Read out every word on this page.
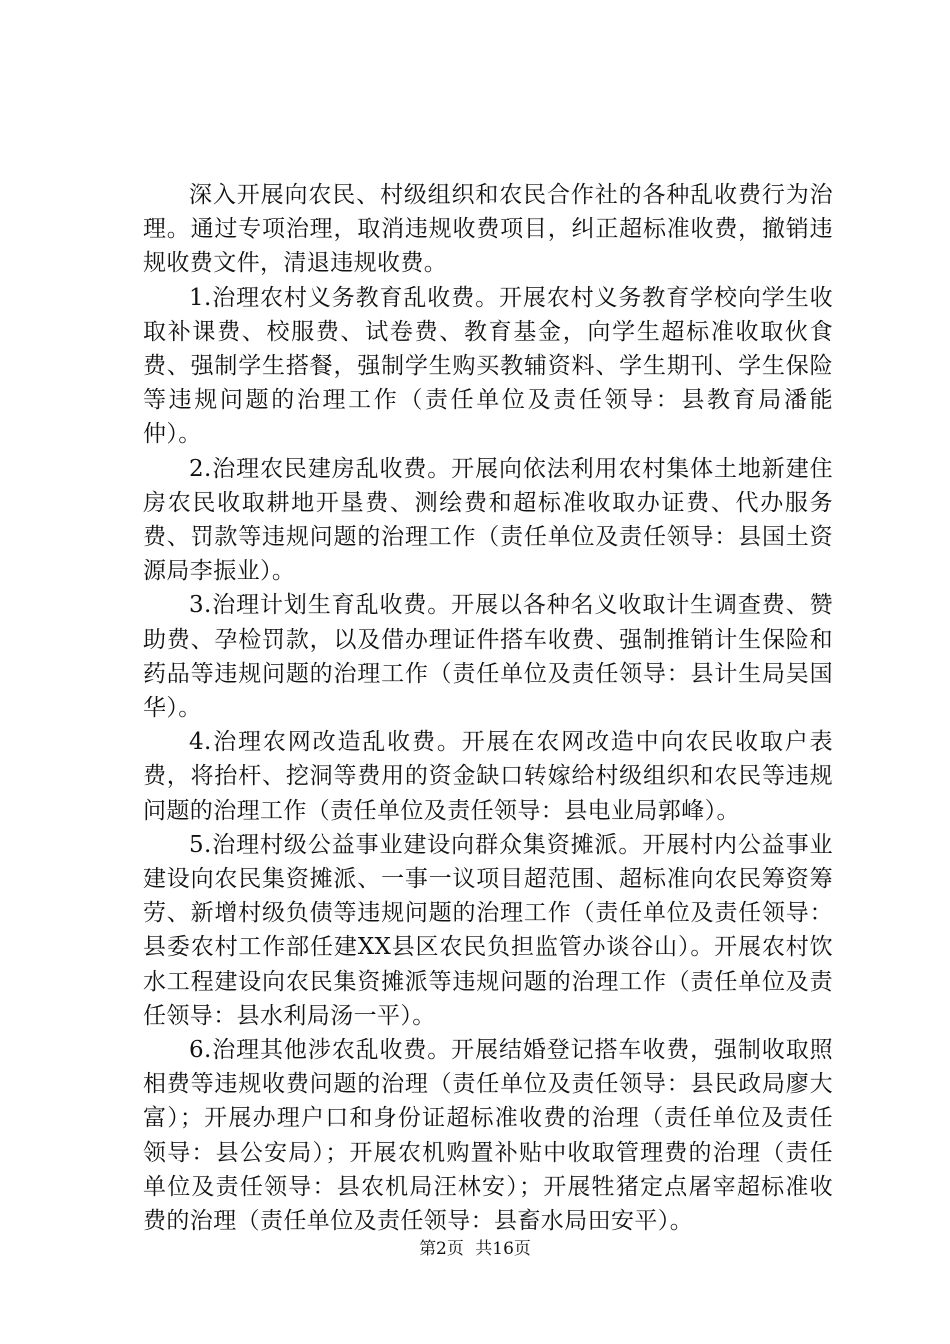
深入开展向农民、村级组织和农民合作社的各种乱收费行为治理。通过专项治理，取消违规收费项目，纠正超标准收费，撤销违规收费文件，清退违规收费。

1.治理农村义务教育乱收费。开展农村义务教育学校向学生收取补课费、校服费、试卷费、教育基金，向学生超标准收取伙食费、强制学生搭餐，强制学生购买教辅资料、学生期刊、学生保险等违规问题的治理工作（责任单位及责任领导：县教育局潘能仲）。

2.治理农民建房乱收费。开展向依法利用农村集体土地新建住房农民收取耕地开垦费、测绘费和超标准收取办证费、代办服务费、罚款等违规问题的治理工作（责任单位及责任领导：县国土资源局李振业）。

3.治理计划生育乱收费。开展以各种名义收取计生调查费、赞助费、孕检罚款，以及借办理证件搭车收费、强制推销计生保险和药品等违规问题的治理工作（责任单位及责任领导：县计生局吴国华）。

4.治理农网改造乱收费。开展在农网改造中向农民收取户表费，将抬杆、挖洞等费用的资金缺口转嫁给村级组织和农民等违规问题的治理工作（责任单位及责任领导：县电业局郭峰）。

5.治理村级公益事业建设向群众集资摊派。开展村内公益事业建设向农民集资摊派、一事一议项目超范围、超标准向农民筹资筹劳、新增村级负债等违规问题的治理工作（责任单位及责任领导：县委农村工作部任建XX县区农民负担监管办谈谷山）。开展农村饮水工程建设向农民集资摊派等违规问题的治理工作（责任单位及责任领导：县水利局汤一平）。

6.治理其他涉农乱收费。开展结婚登记搭车收费，强制收取照相费等违规收费问题的治理（责任单位及责任领导：县民政局廖大富）；开展办理户口和身份证超标准收费的治理（责任单位及责任领导：县公安局）；开展农机购置补贴中收取管理费的治理（责任单位及责任领导：县农机局汪林安）；开展牲猪定点屠宰超标准收费的治理（责任单位及责任领导：县畜水局田安平）。

第2页 共16页
